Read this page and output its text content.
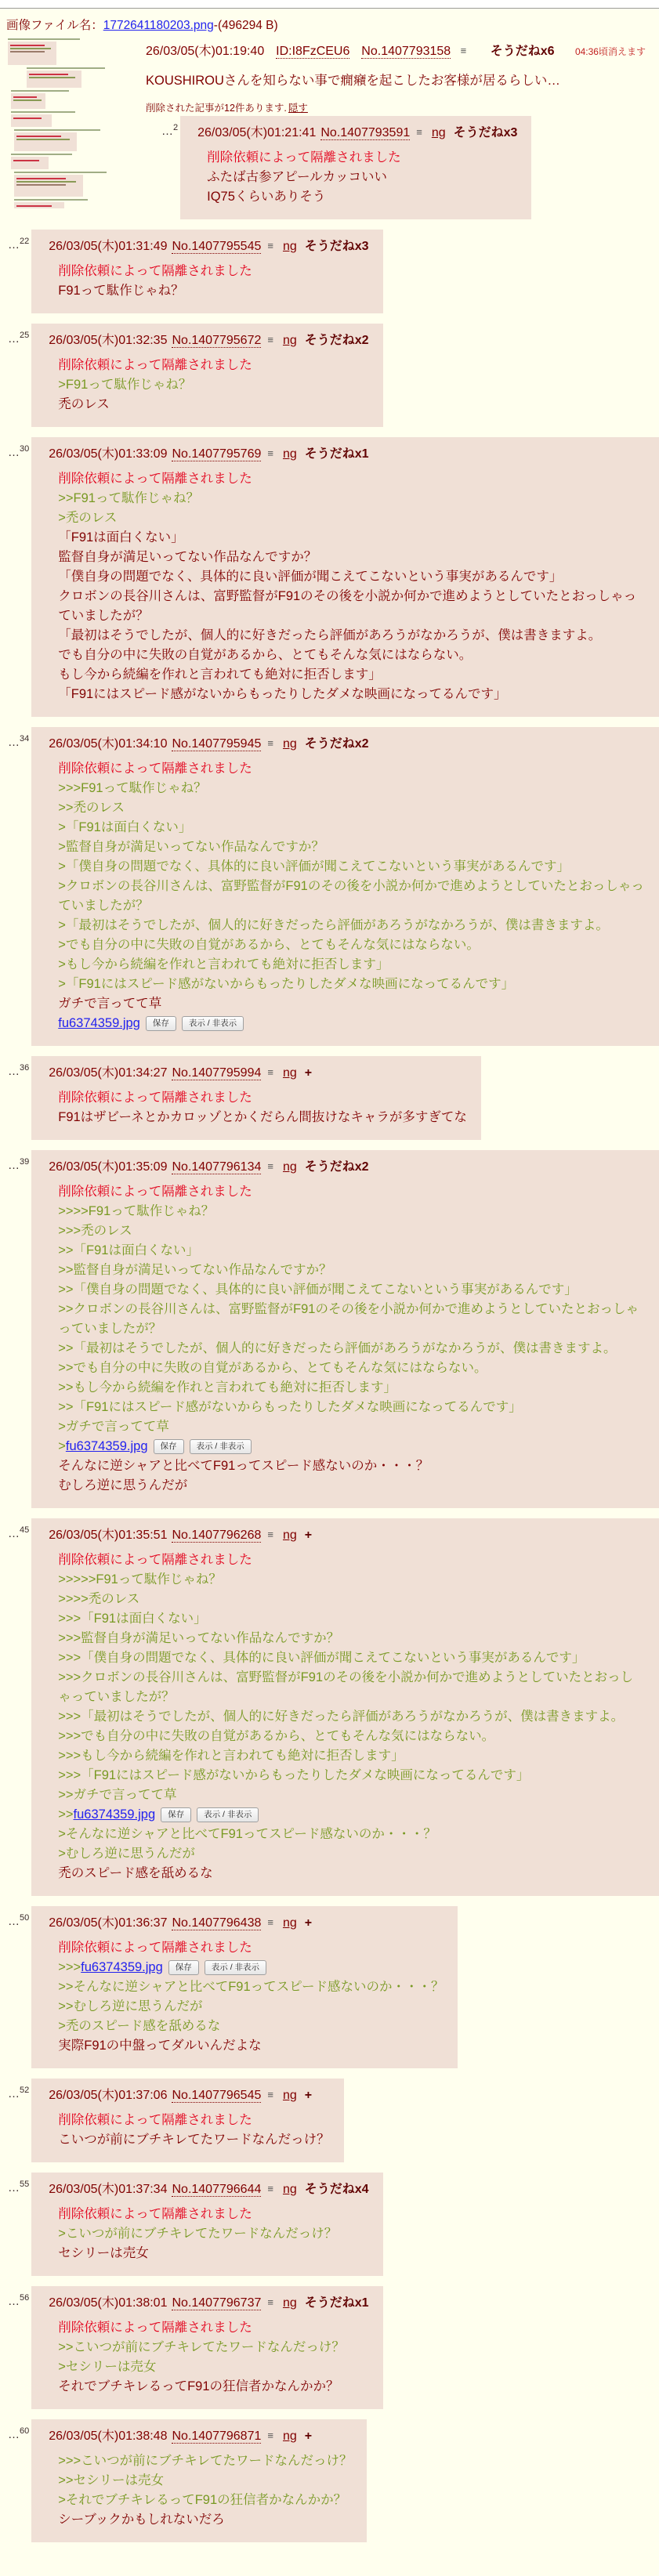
画像ファイル名：1772641180203.png-(496294 B)
26/03/05(木)01:19:40 ID:I8FzCEU6 No.1407793158 ≡ そうだねx6 04:36頃消えます
KOUSHIROUさんを知らない事で癇癪を起こしたお客様が居るらしい…
削除された記事が12件あります. 隠す
…$^2$ 26/03/05(木)01:21:41 No.1407793591 ≡ ng そうだねx3
削除依頼によって隔離されました
ふたば古参アピールカッコいい
IQ75くらいありそう
…$^{22}$ 26/03/05(木)01:31:49 No.1407795545 ≡ ng そうだねx3
削除依頼によって隔離されました
F91って駄作じゃね？
…$^{25}$ 26/03/05(木)01:32:35 No.1407795672 ≡ ng そうだねx2
削除依頼によって隔離されました
>F91って駄作じゃね？
禿のレス
…$^{30}$ 26/03/05(木)01:33:09 No.1407795769 ≡ ng そうだねx1
削除依頼によって隔離されました
>>F91って駄作じゃね？
>禿のレス
「F91は面白くない」
監督自身が満足いってない作品なんですか？
「僕自身の問題でなく、具体的に良い評価が聞こえてこないという事実があるんです」
クロボンの長谷川さんは、富野監督がF91のその後を小説か何かで進めようとしていたとおっしゃっていましたが？
「最初はそうでしたが、個人的に好きだったら評価があろうがなかろうが、僕は書きますよ。
でも自分の中に失敗の自覚があるから、とてもそんな気にはならない。
もし今から続編を作れと言われても絶対に拒否します」
「F91にはスピード感がないからもったりしたダメな映画になってるんです」
…$^{34}$ 26/03/05(木)01:34:10 No.1407795945 ≡ ng そうだねx2
削除依頼によって隔離されました
>>>F91って駄作じゃね？
>>禿のレス
>「F91は面白くない」
>監督自身が満足いってない作品なんですか？
>「僕自身の問題でなく、具体的に良い評価が聞こえてこないという事実があるんです」
>クロボンの長谷川さんは、富野監督がF91のその後を小説か何かで進めようとしていたとおっしゃっていましたが？
>「最初はそうでしたが、個人的に好きだったら評価があろうがなかろうが、僕は書きますよ。
>でも自分の中に失敗の自覚があるから、とてもそんな気にはならない。
>もし今から続編を作れと言われても絶対に拒否します」
>「F91にはスピード感がないからもったりしたダメな映画になってるんです」
ガチで言ってて草
fu6374359.jpg	保存	表示 / 非表示
…$^{36}$ 26/03/05(木)01:34:27 No.1407795994 ≡ ng +
削除依頼によって隔離されました
F91はザビーネとかカロッゾとかくだらん間抜けなキャラが多すぎてな
…$^{39}$ 26/03/05(木)01:35:09 No.1407796134 ≡ ng そうだねx2
削除依頼によって隔離されました
>>>>F91って駄作じゃね？
>>>禿のレス
>>「F91は面白くない」
>>監督自身が満足いってない作品なんですか？
>>「僕自身の問題でなく、具体的に良い評価が聞こえてこないという事実があるんです」
>>クロボンの長谷川さんは、富野監督がF91のその後を小説か何かで進めようとしていたとおっしゃっていましたが？
>>「最初はそうでしたが、個人的に好きだったら評価があろうがなかろうが、僕は書きますよ。
>>でも自分の中に失敗の自覚があるから、とてもそんな気にはならない。
>>もし今から続編を作れと言われても絶対に拒否します」
>>「F91にはスピード感がないからもったりしたダメな映画になってるんです」
>ガチで言ってて草
> fu6374359.jpg	保存	表示 / 非表示
そんなに逆シャアと比べてF91ってスピード感ないのか・・・？
むしろ逆に思うんだが
…$^{45}$ 26/03/05(木)01:35:51 No.1407796268 ≡ ng +
削除依頼によって隔離されました
>>>>>F91って駄作じゃね？
>>>>禿のレス
>>>「F91は面白くない」
>>>監督自身が満足いってない作品なんですか？
>>>「僕自身の問題でなく、具体的に良い評価が聞こえてこないという事実があるんです」
>>>クロボンの長谷川さんは、富野監督がF91のその後を小説か何かで進めようとしていたとおっしゃっていましたが？
>>>「最初はそうでしたが、個人的に好きだったら評価があろうがなかろうが、僕は書きますよ。
>>>でも自分の中に失敗の自覚があるから、とてもそんな気にはならない。
>>>もし今から続編を作れと言われても絶対に拒否します」
>>>「F91にはスピード感がないからもったりしたダメな映画になってるんです」
>>ガチで言ってて草
>> fu6374359.jpg	保存	表示 / 非表示
>そんなに逆シャアと比べてF91ってスピード感ないのか・・・？
>むしろ逆に思うんだが
禿のスピード感を舐めるな
…$^{50}$ 26/03/05(木)01:36:37 No.1407796438 ≡ ng +
削除依頼によって隔離されました
>>> fu6374359.jpg	保存	表示 / 非表示
>>そんなに逆シャアと比べてF91ってスピード感ないのか・・・？
>>むしろ逆に思うんだが
>禿のスピード感を舐めるな
実際F91の中盤ってダルいんだよな
…$^{52}$ 26/03/05(木)01:37:06 No.1407796545 ≡ ng +
削除依頼によって隔離されました
こいつが前にブチキレてたワードなんだっけ？
…$^{55}$ 26/03/05(木)01:37:34 No.1407796644 ≡ ng そうだねx4
削除依頼によって隔離されました
>こいつが前にブチキレてたワードなんだっけ？
セシリーは売女
…$^{56}$ 26/03/05(木)01:38:01 No.1407796737 ≡ ng そうだねx1
削除依頼によって隔離されました
>>こいつが前にブチキレてたワードなんだっけ？
>セシリーは売女
それでブチキレるってF91の狂信者かなんかか？
…$^{60}$ 26/03/05(木)01:38:48 No.1407796871 ≡ ng +
>>>こいつが前にブチキレてたワードなんだっけ？
>>セシリーは売女
>それでブチキレるってF91の狂信者かなんかか？
シーブックかもしれないだろ
